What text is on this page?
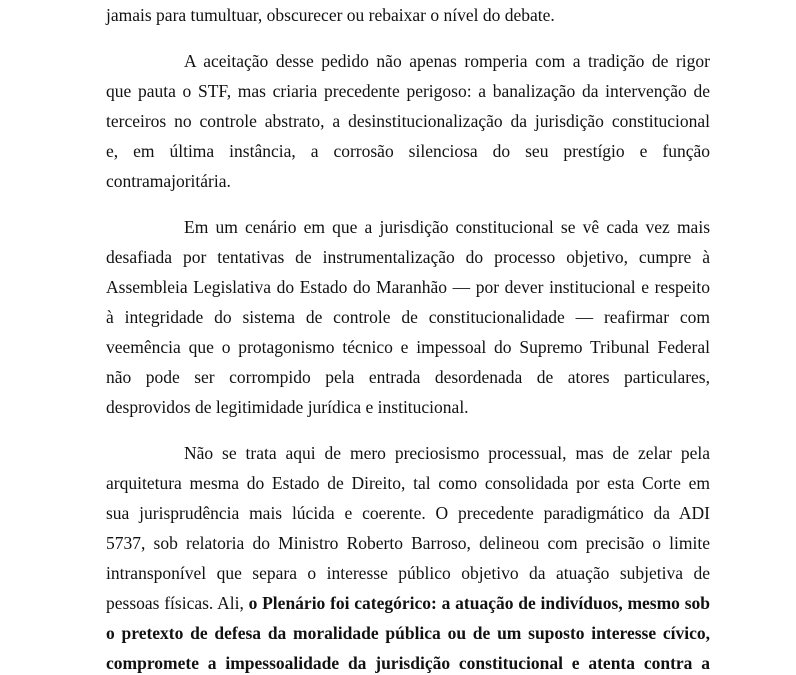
jamais para tumultuar, obscurecer ou rebaixar o nível do debate.
A aceitação desse pedido não apenas romperia com a tradição de rigor
que pauta o STF, mas criaria precedente perigoso: a banalização da intervenção de
terceiros no controle abstrato, a desinstitucionalização da jurisdição constitucional
e, em última instância, a corrosão silenciosa do seu prestígio e função
contramajoritária.
Em um cenário em que a jurisdição constitucional se vê cada vez mais
desafiada por tentativas de instrumentalização do processo objetivo, cumpre à
Assembleia Legislativa do Estado do Maranhão — por dever institucional e respeito
à integridade do sistema de controle de constitucionalidade — reafirmar com
veemência que o protagonismo técnico e impessoal do Supremo Tribunal Federal
não pode ser corrompido pela entrada desordenada de atores particulares,
desprovidos de legitimidade jurídica e institucional.
Não se trata aqui de mero preciosismo processual, mas de zelar pela
arquitetura mesma do Estado de Direito, tal como consolidada por esta Corte em
sua jurisprudência mais lúcida e coerente. O precedente paradigmático da ADI
5737, sob relatoria do Ministro Roberto Barroso, delineou com precisão o limite
intransponível que separa o interesse público objetivo da atuação subjetiva de
pessoas físicas. Ali, o Plenário foi categórico: a atuação de indivíduos, mesmo sob
o pretexto de defesa da moralidade pública ou de um suposto interesse cívico,
compromete a impessoalidade da jurisdição constitucional e atenta contra a
